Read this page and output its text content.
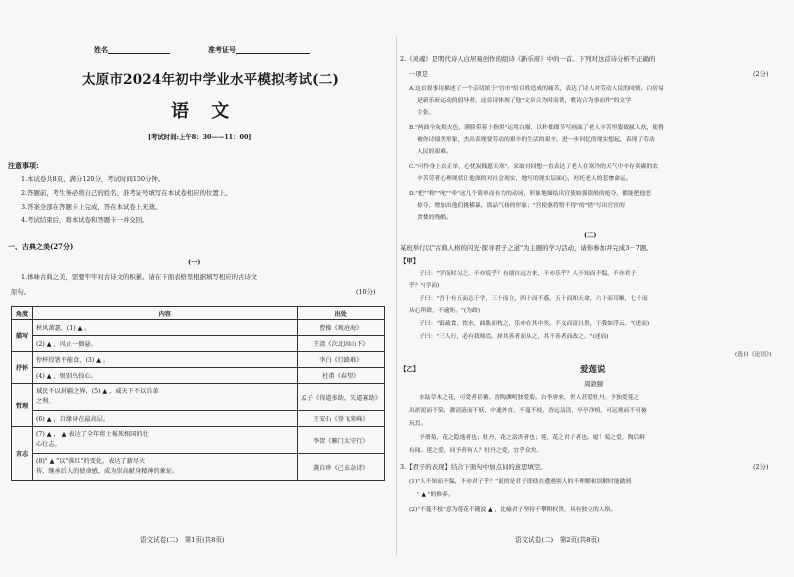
姓名	准考证号
太原市2024年初中学业水平模拟考试(二)
语 文
[考试时间:上午8：30——11：00]
注意事项:
1.本试卷共8页，满分120分，考试时间150分钟。
2.答题前，考生务必将自己的姓名、准考证号填写在本试卷相应的位置上。
3.答案全部在答题卡上完成，答在本试卷上无效。
4.考试结束后，将本试卷和答题卡一并交回。
一、古典之美(27分)
(一)
1.体味古典之美，需要牢牢对古诗文的积累。请在下面表格里根据填写相应的古诗文
原句。	(10分)
角度	内容	出处
描写	秋风萧瑟，(1) ▲ 。	曹操《观沧海》
	(2) ▲ ，风止一偶悬。	王湾《次北固山下》
抒怀	停杯投箸不能食，(3) ▲ 。	李白《行路难》
	(4) ▲ ，恨别鸟惊心。	杜甫《春望》
哲理	域民不以封疆之界，(5) ▲ ，威天下不以兵革
之利。	孟子《得道多助，失道寡助》
	(6) ▲ ，自缘身在最高层。	王安石《登飞来峰》
言志	(7) ▲ ， ▲ 表达了全年将士報死相国的壮
心壮志。	李贺《雁门太守行》
	(8)" ▲ "以"落红"的变化，表达了薪尽火
传、继承后人的使命感，成为崇高献身精神的象征。	龚自珍《己亥杂诗》
语文试卷(二)　第1页(共8页)
2.《灵魂》是明代诗人白居易创作的组诗《新乐府》中的一首。下列对这首诗分析不正确的
一项是	(2分)
A.这首叙事诗描述了一个亲切浓于"宫市"给百姓造成的痛苦，表达了诗人对劳动人民的同情。白居易
是新乐府运动的倡导者，这首诗体现了他"文章合为时而著，歌诗合为事而作"的文学
主张。
B."两面全灰烬火色，满脸带着十指黑"运用白描，以朴拙细节写画面了老人辛苦里姿致腻人炊，使鲁
被你诗细美形象，杰出表现要劳动的艰辛的生活的艰辛，进一步回忆的现实想起，表现了劳动
人民的艰难。
C."可怜身上衣正单，心忧炭贱愿天寒"，采取对回想一直表达了老人在寒冷的天气中辛存卖碳的农
辛苦劳者心理现状让他深的对社会现实，地写的现实层面心，衬托老人的悲惨命运。
D."把""称""叱""牵"这几个简单而有力的动词，形象地描绘出宫使如强盗般的抢夺，都能把他恶
掠夺，增加出他们挑横暴，盗品气扬的形象；"宫使驱将惜不得"的"惜"写出官宦的
贪婪的残酷。
(二)
某班举行以"古典人格的闪光·探寻君子之道"为主题的学习活动，请你参加并完成3－7题。
【甲】
子曰："学而时习之，不亦说乎？有朋自远方来，不亦乐乎？人不知而不愠，不亦君子
乎？"(学而)
子曰："吾十有五而志于学，三十而立，四十而不惑，五十而知天命，六十而耳顺，七十而
从心所欲，不逾矩。"(为政)
子曰："饭疏食，饮水，曲肱而枕之，乐亦在其中矣。不义而富且贵，于我如浮云。"(述而)
子曰："三人行，必有我师焉。择其善者而从之，其不善者而改之。"(述而)
(选自《论语》)
【乙】	爱莲说
周敦颐
水陆草木之花，可爱者甚蕃。晋陶渊明独爱菊。自李唐来，世人甚爱牡丹。予独爱莲之
出淤泥而不染，濯清涟而不妖，中通外直，不蔓不枝，香远益清，亭亭净植，可远观而不可亵
玩焉。
予谓菊，花之隐逸者也；牡丹，花之富贵者也；莲，花之君子者也。噫！菊之爱，陶后鲜
有闻。莲之爱，同予者何人？牡丹之爱，宜乎众矣。
3.【君子的表现】结合下面句中加点词的意思填空。	(2分)
(1)"人不知而不愠，不亦君子乎？"说的是君子即使在遭遇别人的不理解和误解时能做到
" ▲ "的修养。
(2)"不蔓不枝"意为莲花不随波 ▲ ，比喻君子坚持不攀附权贵，具有独立的人格。
语文试卷(二)　第2页(共8页)
